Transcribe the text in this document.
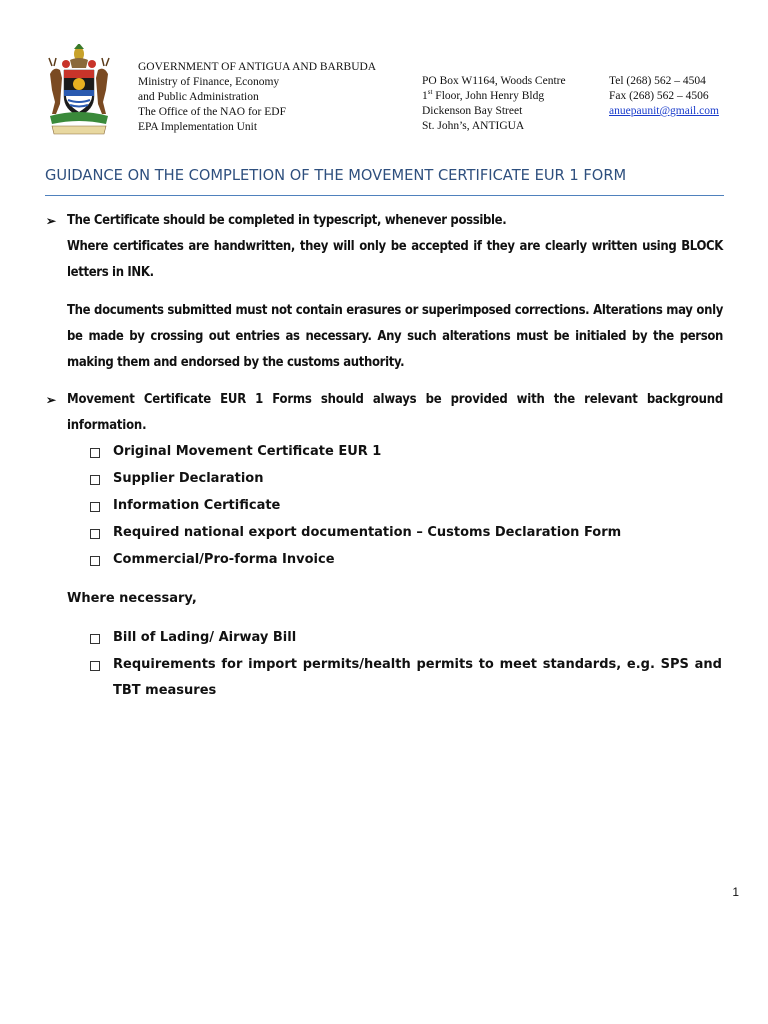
GOVERNMENT OF ANTIGUA AND BARBUDA
Ministry of Finance, Economy
and Public Administration
The Office of the NAO for EDF
EPA Implementation Unit
PO Box W1164, Woods Centre
1st Floor, John Henry Bldg
Dickenson Bay Street
St. John’s, ANTIGUA
Tel (268) 562 – 4504
Fax (268) 562 – 4506
anuepaunit@gmail.com
GUIDANCE ON THE COMPLETION OF THE MOVEMENT CERTIFICATE EUR 1 FORM
➢ The Certificate should be completed in typescript, whenever possible.
Where certificates are handwritten, they will only be accepted if they are clearly written using BLOCK letters in INK.
The documents submitted must not contain erasures or superimposed corrections. Alterations may only be made by crossing out entries as necessary. Any such alterations must be initialed by the person making them and endorsed by the customs authority.
➢ Movement Certificate EUR 1 Forms should always be provided with the relevant background information.
Original Movement Certificate EUR 1
Supplier Declaration
Information Certificate
Required national export documentation – Customs Declaration Form
Commercial/Pro-forma Invoice
Where necessary,
Bill of Lading/ Airway Bill
Requirements for import permits/health permits to meet standards, e.g. SPS and TBT measures
1
